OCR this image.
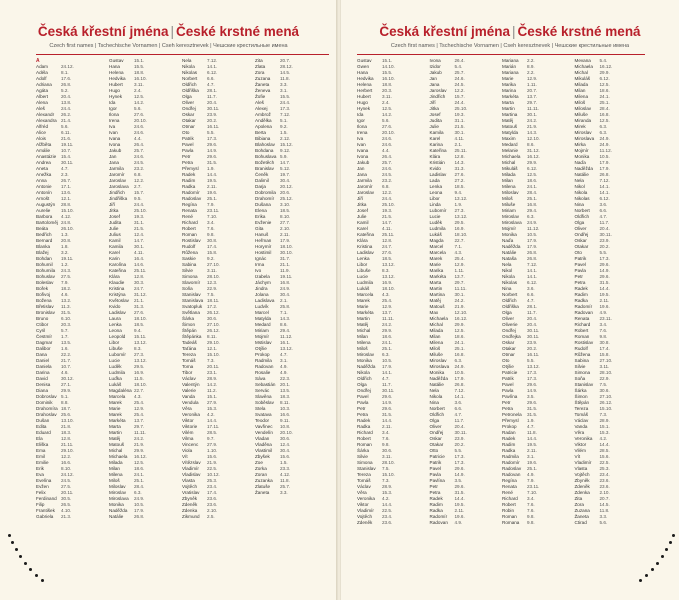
Česká křestní jména | České krstné mená
Czech first names | Tschechische Vornamen | Cseh keresztnevek | Чешские крестильные имена
A
Adam	24.12.
Adéla	8.1.
Adolf	17.6.
Adriana	26.8.
Agáta	5.2.
Albert	20.4.
Alena	13.8.
Aleš	24.4.
Alexandr	26.2.
Alexandra 21.4.
Alfréd	5.6.
Alice	6.11.
Alois	21.6.
Alžběta	19.11.
Amálie	10.7.
Anastázie	15.4.
Andrea	30.11.
Aneta	4.7.
Anežka	2.3.
Anna	26.7.
Antonie	17.1.
Antonín	13.6.
Arnošt	12.1.
Augustýn	28.8.
Aurelie	15.10.
Barbora	4.12.
Bartoloměj 24.8.
Beáta	26.10.
Bedřich	1.3.
Bernard	20.8.
Blanka	1.8.
Blažej	3.2.
Bohdan	19.11.
Bohumil	1.2.
Bohumila	24.3.
Bohuslav	27.5.
Boleslav	7.9.
Bořek	18.2.
Bořivoj	4.6.
Božena	13.2.
Břetislav	11.3.
Bronislav	31.5.
Bruno	6.10.
Ctibor	20.3.
Cyril	5.7.
Čestmír	1.7.
Dagmar	13.5.
Dalibor	1.6.
Dana	22.2.
Daniel	21.7.
Daniela	10.7.
Darina	4.6.
David	30.12.
Denisa	27.1.
Diana	29.9.
Dobroslav 5.1.
Dominik	8.8.
Drahomíra 18.7.
Drahoslav 25.6.
Dušan	13.10.
Edita	21.8.
Eduard	18.3.
Ela	12.8.
Eliška	21.11.
Ema	29.10.
Emil	12.2.
Emilie	16.6.
Erik	8.10.
Eva	24.12.
Evelína	24.5.
Evžen	27.5.
Felix	20.11.
Ferdinand 30.5.
Filip	26.5.
František	4.10.
Gabriela	21.3.
Gustav	15.1.
Hana	15.5.
Helena	18.8.
Hedvika	16.10.
Hubert	3.11.
Hugo	2.4.
Hynek	12.5.
Ida	14.2.
Igor	5.6.
Ilona	27.6.
Irena	20.10.
Iva	24.6.
Ivan	24.6.
Ivana	4.4.
Ivona	26.4.
Jakub	25.7.
Jan	24.6.
Jana	24.5.
Jarmila	23.2.
Jaromír	6.8.
Jaroslav	12.2.
Jaroslava	2.7.
Jindřich	15.7.
Jindřiška	9.5.
Jiří	24.4.
Jitka	25.10.
Josef	19.3.
Judita	31.1.
Julie	21.5.
Julius	12.4.
Kamil	14.7.
Kamila	30.1.
Karel	4.11.
Karin	16.4.
Karolína	14.6.
Kateřina	25.11.
Klára	12.8.
Klaudie	30.3.
Kristina	24.7.
Kristýna	31.12.
Květoslav	21.1.
Kvido	31.3.
Ladislav	27.6.
Laura	18.10.
Lenka	18.5.
Leona	9.4.
Leopold	15.11.
Libor	13.12.
Libuše	8.3.
Lubomír	27.3.
Lucie	13.12.
Luděk	29.5.
Ludmila	16.9.
Luďka	11.5.
Lukáš	18.10.
Magdaléna 22.7.
Marcela	4.3.
Marek	25.4.
Marie	12.9.
Marek	25.4.
Markéta	13.7.
Marta	29.7.
Martin	11.11.
Matěj	24.2.
Matouš	21.9.
Michal	29.9.
Michaela	16.12.
Milada	12.5.
Milan	18.6.
Milena	24.1.
Miloš	25.1.
Miloslav	28.4.
Miroslav	6.3.
Miroslava	24.9.
Monika	10.5.
Naděžda	17.9.
Natálie	26.8.
Nela	7.12.
Nikola	14.1.
Nikolas	6.12.
Norbert	6.6.
Oldřich	4.7.
Oldřiška	28.1.
Olga	11.7.
Oliver	20.4.
Ondřej	30.11.
Oskar	23.9.
Otakar	20.2.
Otmar	16.11.
Oto	5.5.
Patrik	17.3.
Pavel	29.6.
Pavla	14.9.
Petr	29.6.
Petra	31.5.
Přemysl	1.9.
Radek	14.4.
Radim	19.5.
Radka	2.11.
Radomír	19.6.
Radoslav	25.1.
Regína	7.9.
Renata	23.11.
René	7.10.
Richard	3.4.
Robert	7.6.
Roman	9.8.
Rostislav	30.8.
Rudolf	17.4.
Růžena	15.8.
Saskie	9.2.
Sabina	27.10.
Silvie	3.11.
Simona	28.10.
Slavomír	12.3.
Soňa	22.9.
Stanislav	7.5.
Stanislava 18.11.
Svatopluk	17.2.
Světlana	26.12.
Šárka	30.6.
Šimon	27.10.
Štěpán	26.12.
Štěpánka	8.11.
Tadeáš	29.10.
Taťána	12.1.
Tereza	15.10.
Tomáš	7.3.
Toma	20.11.
Tibor	23.1.
Václav	28.9.
Valentýn	14.2.
Valerie	11.2.
Vanda	15.1.
Vendula	27.9.
Věra	15.3.
Veronika	4.2.
Viktor	14.4.
Viktorie	17.11.
Vilém	28.5.
Vilma	9.7.
Vincenc	27.9.
Viola	1.10.
Vít	15.6.
Vítězslav	21.9.
Vladimír	22.5.
Vladislav	10.12.
Vlasta	25.3.
Vojtěch	23.4.
Vratislav	17.4.
Zbyněk	23.6.
Zdeněk	23.6.
Zdenka	2.10.
Zikmund	2.5.
Zita	20.7.
Zlata	28.12.
Zora	14.5.
Zuzana	11.8.
Žaneta	3.3.
Ženeva	3.1.
Žofie	15.5.
Aleš	24.4.
Alexej	17.3.
Ambrož	7.12.
Andělka	5.1.
Apolena	9.2.
Berta	1.5.
Bibiana	2.12.
Blahoslav	15.12.
Bohdana	9.12.
Bohuslava 5.9.
Božetěch	14.7.
Branislav	5.12.
Čeněk	19.7.
Dalimil	30.4.
Darja	20.12.
Dobromila 20.6.
Drahomír	25.12.
Dušana	3.10.
Elena	18.5.
Erika	8.10.
Evženie	27.7.
Gita	2.10.
Hanuš	2.11.
Heřman	17.9.
Horymír	18.10.
Hostimil	30.10.
Ignác	31.7.
Irma	21.1.
Ivo	11.9.
Izabela	19.11.
Jáchym	16.8.
Jindra	24.9.
Jolana	30.4.
Ladislava	2.1.
Ludvík	25.8.
Marcel	7.1.
Matylda	14.3.
Medard	8.6.
Miriam	29.4.
Mojmír	11.12.
Mstislav	16.1.
Otýlie	13.12.
Prokop	4.7.
Radmila	3.1.
Radovan	4.9.
Rosalie	4.9.
Sáva	22.3.
Sebastián 20.1.
Servác	13.5.
Slavěna	18.3.
Soběslav	8.11.
Stela	10.3.
Svatava	16.6.
Teodor	9.11.
Vavřinec	10.8.
Vendelín	20.10.
Vladan	30.6.
Vladěna	12.4.
Vlastimil	30.4.
Zbyšek	15.6.
Zoe	1.5.
Zorka	23.3.
Zoran	4.12.
Zuzanka	11.8.
Zlatuše	25.7.
Žaneta	3.3.
Česká křestní jména | České krstné mená
Czech first names | Tschechische Vornamen | Cseh keresztnevek | Чешские крестильные имена
Gustav	15.1.
Gwen	14.10.
Hana	15.5.
Hedvika	16.10.
Helena	18.8.
Herbert	20.3.
Hubert	3.11.
Hugo	2.4.
Hynek	12.5.
Ida	14.2.
Igor	5.6.
Ilona	27.6.
Irena	20.10.
Iva	24.6.
Ivan	24.6.
Ivana	4.4.
Ivona	26.4.
Jakub	25.7.
Jan	24.6.
Jana	24.5.
Jarmila	23.2.
Jaromír	6.8.
Jaroslav	12.2.
Jiří	24.4.
Jitka	25.10.
Josef	19.3.
Julie	21.5.
Kamil	14.7.
Karel	4.11.
Kateřina	25.11.
Klára	12.8.
Kristina	24.7.
Ladislav	27.6.
Lenka	18.5.
Libor	13.12.
Libuše	8.3.
Lucie	13.12.
Ludmila	16.9.
Lukáš	18.10.
Marcela	4.3.
Marek	25.4.
Marie	12.9.
Markéta	13.7.
Martin	11.11.
Matěj	24.2.
Michal	29.9.
Milan	18.6.
Milena	24.1.
Miloš	25.1.
Miroslav	6.3.
Monika	10.5.
Naděžda	17.9.
Nikola	14.1.
Oldřich	4.7.
Olga	11.7.
Ondřej	30.11.
Pavel	29.6.
Pavla	14.9.
Petr	29.6.
Petra	31.5.
Radek	14.4.
Radka	2.11.
Richard	3.4.
Robert	7.6.
Roman	9.8.
Šárka	30.6.
Silvie	3.11.
Simona	28.10.
Stanislav	7.5.
Tereza	15.10.
Tomáš	7.3.
Václav	28.9.
Věra	15.3.
Veronika	4.2.
Viktor	14.4.
Vladimír	22.5.
Vojtěch	23.4.
Zdeněk	23.6.
Ivona	26.4.
Izidor	5.4.
Jakub	25.7.
Jan	24.6.
Jana	24.5.
Jaroslav	12.2.
Jindřich	15.7.
Jiří	24.4.
Jitka	25.10.
Josef	19.3.
Judita	31.1.
Julie	21.5.
Kamila	30.1.
Karel	4.11.
Karina	2.1.
Kateřina	25.11.
Klára	12.8.
Kristián	14.3.
Kvido	31.3.
Ladislav	27.6.
Lada	27.2.
Lenka	18.5.
Leona	9.4.
Libor	13.12.
Linda	1.9.
Lubomír	27.3.
Lucie	13.12.
Luděk	29.5.
Ludmila	16.9.
Lukáš	18.10.
Magda	22.7.
Marcel	7.1.
Marcela	4.3.
Marek	25.4.
Marie	12.9.
Marika	1.11.
Markéta	13.7.
Marta	29.7.
Martin	11.11.
Martina	30.1.
Matěj	24.2.
Matouš	21.9.
Max	12.10.
Michaela	16.12.
Michal	29.9.
Milada	12.5.
Milan	18.6.
Milena	24.1.
Miloš	25.1.
Miluše	16.8.
Miroslav	6.3.
Miroslava	24.9.
Monika	10.5.
Naděžda	17.9.
Natálie	26.8.
Nela	7.12.
Nikola	14.1.
Nina	3.6.
Norbert	6.6.
Oldřich	4.7.
Olga	11.7.
Oliver	20.4.
Ondřej	30.11.
Oskar	23.9.
Otakar	20.2.
Otto	5.5.
Patricie	17.3.
Patrik	17.3.
Pavel	29.6.
Pavla	14.9.
Pavlína	3.5.
Petr	29.6.
Petra	31.5.
Radek	14.4.
Radim	19.5.
Radka	2.11.
Radomír	19.6.
Radovan	4.9.
Mariana	2.2.
Marián	8.9.
Mariana	2.2.
Marie	12.9.
Marika	1.11.
Marina	20.7.
Markéta	13.7.
Marta	29.7.
Martin	11.11.
Martina	30.1.
Matěj	24.2.
Matouš	21.9.
Matylda	14.3.
Maxim	12.10.
Medard	8.6.
Melanie	31.12.
Michaela	16.12.
Michal	29.9.
Mikuláš	6.12.
Milada	12.5.
Milan	18.6.
Milena	24.1.
Miloslav	28.4.
Miloš	25.1.
Miluše	16.8.
Miriam	29.4.
Miroslav	6.3.
Miroslava	24.9.
Mojmír	11.12.
Monika	10.5.
Naďa	17.9.
Naděžda	17.9.
Natálie	26.8.
Nataša	26.8.
Nela	7.12.
Nikol	14.1.
Nikola	14.1.
Nikolas	6.12.
Nina	3.6.
Norbert	6.6.
Oldřich	4.7.
Oldřiška	28.1.
Olga	11.7.
Oliver	20.4.
Oliverie	20.4.
Ondřej	30.11.
Ondřejka	30.11.
Oskar	23.9.
Otakar	20.2.
Otmar	16.11.
Oto	5.5.
Otýlie	13.12.
Patricie	17.3.
Patrik	17.3.
Pavel	29.6.
Pavla	14.9.
Pavlína	3.5.
Petr	29.6.
Petra	31.5.
Petronela	31.5.
Přemysl	1.9.
Prokop	4.7.
Radan	11.8.
Radek	14.4.
Radim	19.5.
Radka	2.11.
Radmila	3.1.
Radomír	19.6.
Radoslav	25.1.
Radovan	4.9.
Regína	7.9.
Renata	23.11.
René	7.10.
Richard	3.4.
Robert	7.6.
Robin	7.6.
Roman	9.8.
Romana	9.8.
Mevana	5.4.
Michaela	16.12.
Michal	29.9.
Mikuláš	6.12.
Milada	12.5.
Milan	18.6.
Milena	24.1.
Miloš	25.1.
Miloslav	28.4.
Miluše	16.8.
Miranda	12.5.
Mirek	6.3.
Miroslav	6.3.
Miroslava	24.9.
Mirka	24.9.
Mojmír	11.12.
Monika	10.5.
Naďa	17.9.
Naděžda	17.9.
Natálie	26.8.
Nela	7.12.
Nikol	14.1.
Nikola	14.1.
Nikolas	6.12.
Nina	3.6.
Norbert	6.6.
Oldřich	4.7.
Olga	11.7.
Oliver	20.4.
Ondřej	30.11.
Oskar	23.9.
Otakar	20.2.
Oto	5.5.
Patrik	17.3.
Pavel	29.6.
Pavla	14.9.
Petr	29.6.
Petra	31.5.
Radek	14.4.
Radim	19.5.
Radka	2.11.
Radomír	19.6.
Radovan	4.9.
Renata	23.11.
Richard	3.4.
Robert	7.6.
Roman	9.8.
Rostislav	30.8.
Rudolf	17.4.
Růžena	15.8.
Sabina	27.10.
Silvie	3.11.
Simona	28.10.
Soňa	22.9.
Stanislav	7.5.
Šárka	30.6.
Šimon	27.10.
Štěpán	26.12.
Tereza	15.10.
Tomáš	7.3.
Václav	28.9.
Vanda	15.1.
Věra	15.3.
Veronika	4.2.
Viktor	14.4.
Vilém	28.5.
Vít	15.6.
Vladimír	22.5.
Vlasta	25.3.
Vojtěch	23.4.
Zbyněk	23.6.
Zdeněk	23.6.
Zdenka	2.10.
Zita	20.7.
Zora	14.5.
Zuzana	11.8.
Žaneta	3.3.
Ctirad	5.6.
